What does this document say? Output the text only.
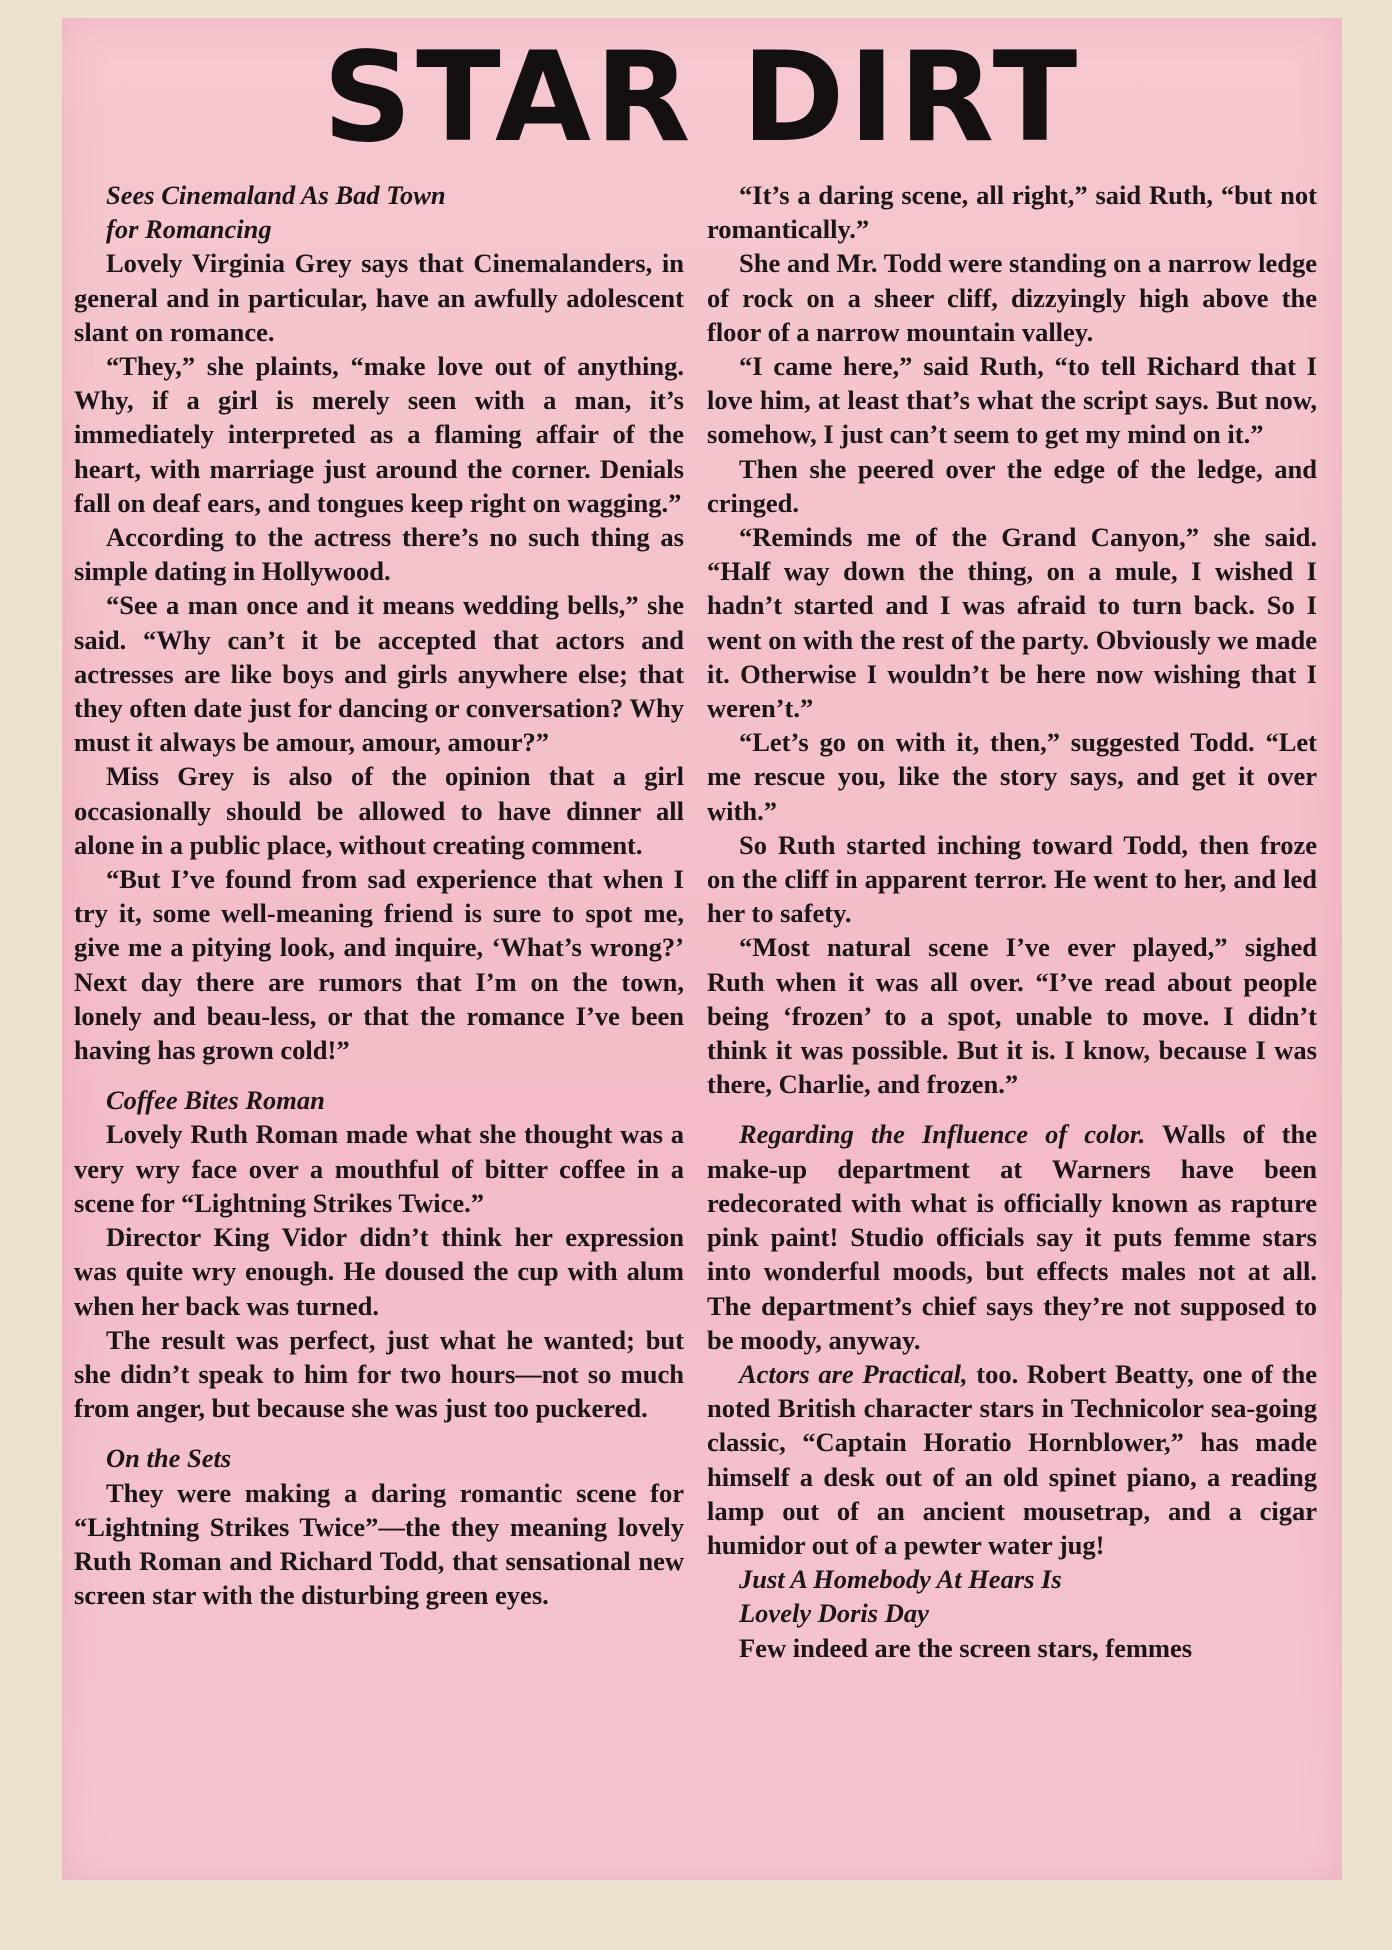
STAR DIRT

Sees Cinemaland As Bad Town

for Romancing

Lovely Virginia Grey says that Cinemalanders, in general and in particular, have an awfully adolescent slant on romance.

“They,” she plaints, “make love out of anything. Why, if a girl is merely seen with a man, it’s immediately interpreted as a flaming affair of the heart, with marriage just around the corner. Denials fall on deaf ears, and tongues keep right on wagging.”

According to the actress there’s no such thing as simple dating in Hollywood.

“See a man once and it means wedding bells,” she said. “Why can’t it be accepted that actors and actresses are like boys and girls anywhere else; that they often date just for dancing or conversation? Why must it always be amour, amour, amour?”

Miss Grey is also of the opinion that a girl occasionally should be allowed to have dinner all alone in a public place, without creating comment.

“But I’ve found from sad experience that when I try it, some well-meaning friend is sure to spot me, give me a pitying look, and inquire, ‘What’s wrong?’ Next day there are rumors that I’m on the town, lonely and beau-less, or that the romance I’ve been having has grown cold!”

Coffee Bites Roman

Lovely Ruth Roman made what she thought was a very wry face over a mouthful of bitter coffee in a scene for “Lightning Strikes Twice.”

Director King Vidor didn’t think her expression was quite wry enough. He doused the cup with alum when her back was turned.

The result was perfect, just what he wanted; but she didn’t speak to him for two hours—not so much from anger, but because she was just too puckered.

On the Sets

They were making a daring romantic scene for “Lightning Strikes Twice”—the they meaning lovely Ruth Roman and Richard Todd, that sensational new screen star with the disturbing green eyes.

“It’s a daring scene, all right,” said Ruth, “but not romantically.”

She and Mr. Todd were standing on a narrow ledge of rock on a sheer cliff, dizzyingly high above the floor of a narrow mountain valley.

“I came here,” said Ruth, “to tell Richard that I love him, at least that’s what the script says. But now, somehow, I just can’t seem to get my mind on it.”

Then she peered over the edge of the ledge, and cringed.

“Reminds me of the Grand Canyon,” she said. “Half way down the thing, on a mule, I wished I hadn’t started and I was afraid to turn back. So I went on with the rest of the party. Obviously we made it. Otherwise I wouldn’t be here now wishing that I weren’t.”

“Let’s go on with it, then,” suggested Todd. “Let me rescue you, like the story says, and get it over with.”

So Ruth started inching toward Todd, then froze on the cliff in apparent terror. He went to her, and led her to safety.

“Most natural scene I’ve ever played,” sighed Ruth when it was all over. “I’ve read about people being ‘frozen’ to a spot, unable to move. I didn’t think it was possible. But it is. I know, because I was there, Charlie, and frozen.”

Regarding the Influence of color. Walls of the make-up department at Warners have been redecorated with what is officially known as rapture pink paint! Studio officials say it puts femme stars into wonderful moods, but effects males not at all. The department’s chief says they’re not supposed to be moody, anyway.

Actors are Practical, too. Robert Beatty, one of the noted British character stars in Technicolor sea-going classic, “Captain Horatio Hornblower,” has made himself a desk out of an old spinet piano, a reading lamp out of an ancient mousetrap, and a cigar humidor out of a pewter water jug!

Just A Homebody At Hears Is

Lovely Doris Day

Few indeed are the screen stars, femmes
